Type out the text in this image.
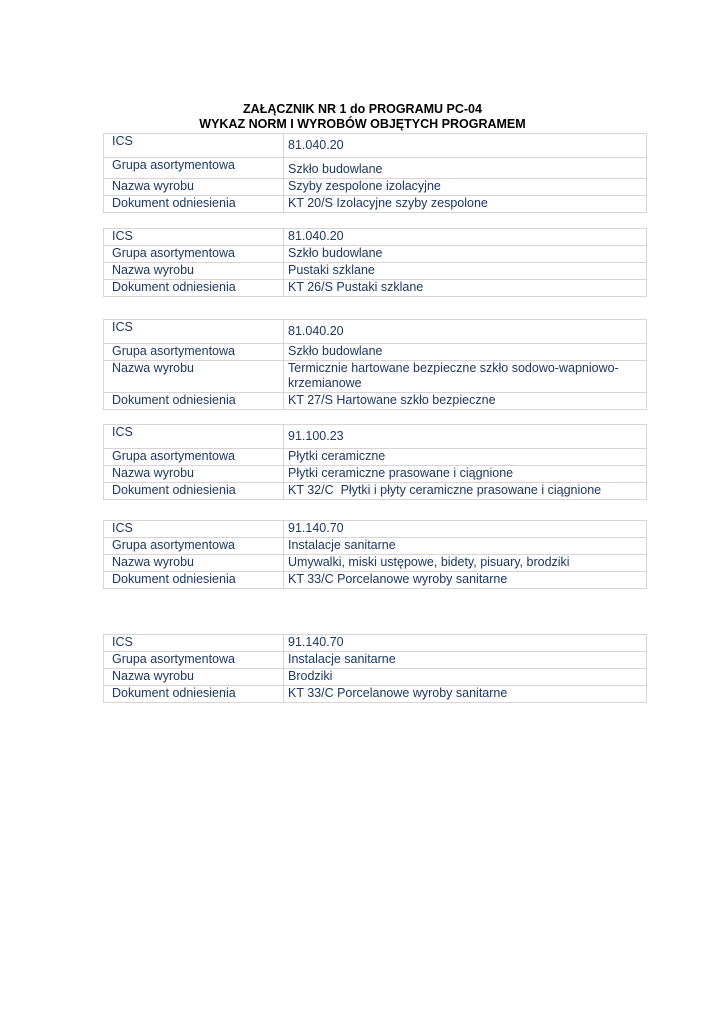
ZAŁĄCZNIK NR 1 do PROGRAMU PC-04
WYKAZ NORM I WYROBÓW OBJĘTYCH PROGRAMEM
ICS	81.040.20
Grupa asortymentowa	Szkło budowlane
Nazwa wyrobu	Szyby zespolone izolacyjne
Dokument odniesienia	KT 20/S Izolacyjne szyby zespolone
ICS	81.040.20
Grupa asortymentowa	Szkło budowlane
Nazwa wyrobu	Pustaki szklane
Dokument odniesienia	KT 26/S Pustaki szklane
ICS	81.040.20
Grupa asortymentowa	Szkło budowlane
Nazwa wyrobu	Termicznie hartowane bezpieczne szkło sodowo-wapniowo-krzemianowe
Dokument odniesienia	KT 27/S Hartowane szkło bezpieczne
ICS	91.100.23
Grupa asortymentowa	Płytki ceramiczne
Nazwa wyrobu	Płytki ceramiczne prasowane i ciągnione
Dokument odniesienia	KT 32/C  Płytki i płyty ceramiczne prasowane i ciągnione
ICS	91.140.70
Grupa asortymentowa	Instalacje sanitarne
Nazwa wyrobu	Umywalki, miski ustępowe, bidety, pisuary, brodziki
Dokument odniesienia	KT 33/C Porcelanowe wyroby sanitarne
ICS	91.140.70
Grupa asortymentowa	Instalacje sanitarne
Nazwa wyrobu	Brodziki
Dokument odniesienia	KT 33/C Porcelanowe wyroby sanitarne
